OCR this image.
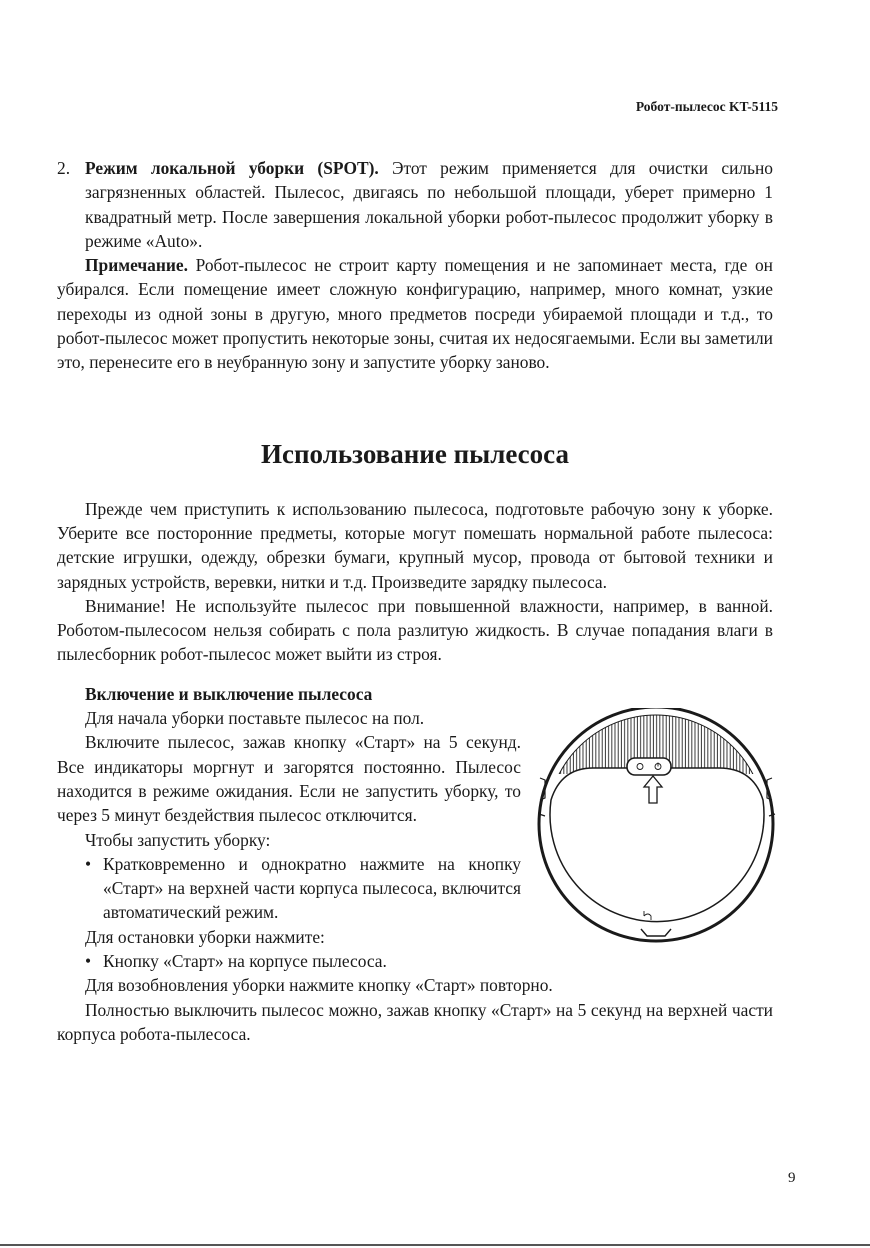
Робот-пылесос KT-5115
2. Режим локальной уборки (SPOT). Этот режим применяется для очистки сильно загрязненных областей. Пылесос, двигаясь по небольшой площади, уберет примерно 1 квадратный метр. После завершения локальной уборки робот-пылесос продолжит уборку в режиме «Auto».

Примечание. Робот-пылесос не строит карту помещения и не запоминает места, где он убирался. Если помещение имеет сложную конфигурацию, например, много комнат, узкие переходы из одной зоны в другую, много предметов посреди убираемой площади и т.д., то робот-пылесос может пропустить некоторые зоны, считая их недосягаемыми. Если вы заметили это, перенесите его в неубранную зону и запустите уборку заново.

Использование пылесоса

Прежде чем приступить к использованию пылесоса, подготовьте рабочую зону к уборке. Уберите все посторонние предметы, которые могут помешать нормальной работе пылесоса: детские игрушки, одежду, обрезки бумаги, крупный мусор, провода от бытовой техники и зарядных устройств, веревки, нитки и т.д. Произведите зарядку пылесоса.

Внимание! Не используйте пылесос при повышенной влажности, например, в ванной. Роботом-пылесосом нельзя собирать с пола разлитую жидкость. В случае попадания влаги в пылесборник робот-пылесос может выйти из строя.

Включение и выключение пылесоса

Для начала уборки поставьте пылесос на пол.

Включите пылесос, зажав кнопку «Старт» на 5 секунд. Все индикаторы моргнут и загорятся постоянно. Пылесос находится в режиме ожидания. Если не запустить уборку, то через 5 минут бездействия пылесос отключится.

Чтобы запустить уборку:

• Кратковременно и однократно нажмите на кнопку «Старт» на верхней части корпуса пылесоса, включится автоматический режим.

Для остановки уборки нажмите:

• Кнопку «Старт» на корпусе пылесоса.

Для возобновления уборки нажмите кнопку «Старт» повторно.

Полностью выключить пылесос можно, зажав кнопку «Старт» на 5 секунд на верхней части корпуса робота-пылесоса.

9
